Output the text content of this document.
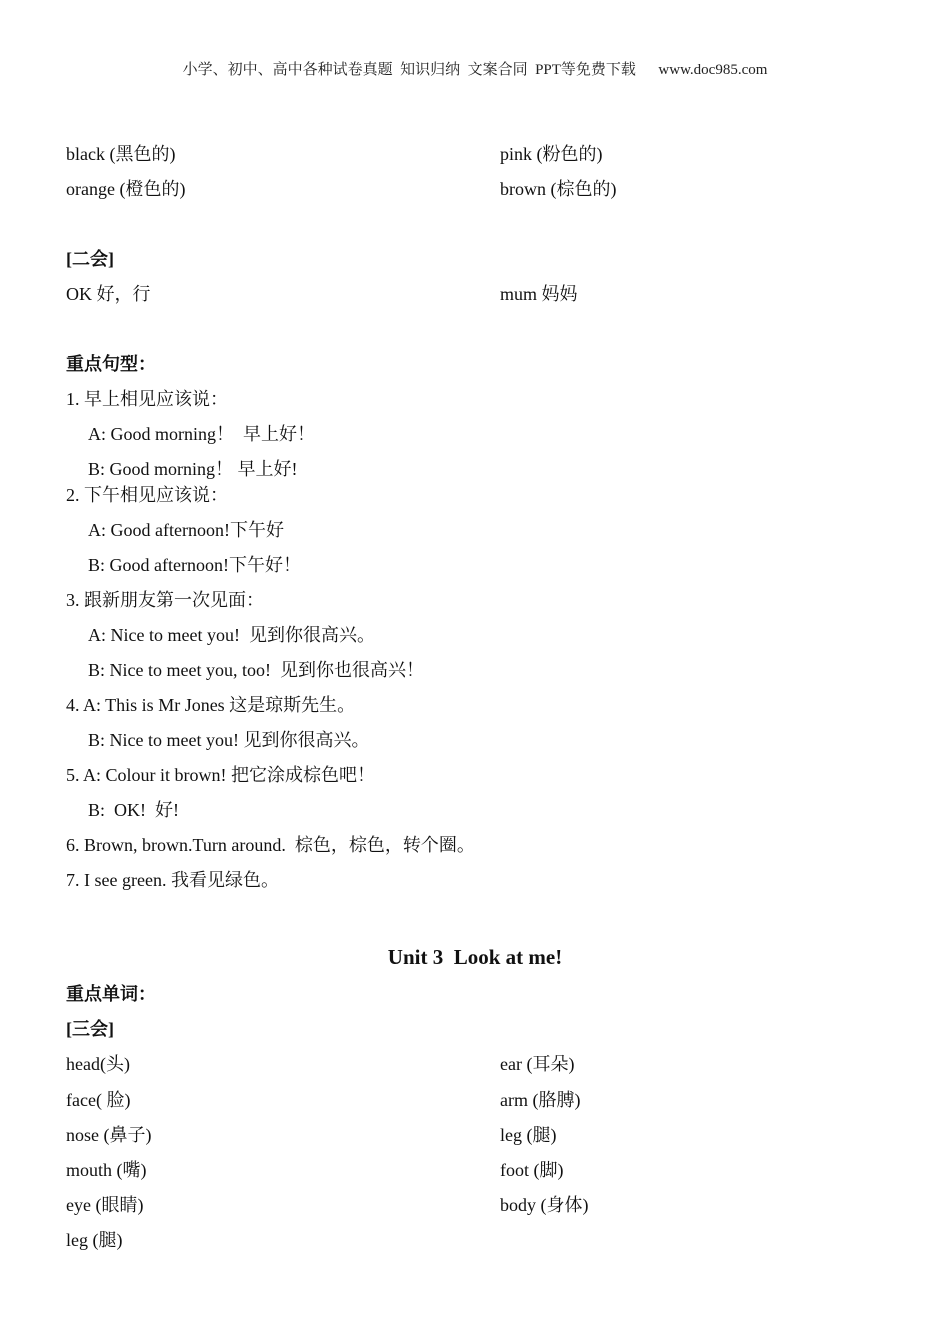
小学、初中、高中各种试卷真题  知识归纳  文案合同  PPT等免费下载      www.doc985.com
black (黑色的)	pink (粉色的)
orange (橙色的)	brown (棕色的)
[二会]
OK 好，行	mum 妈妈
重点句型：
1. 早上相见应该说：
A: Good morning！  早上好！
B: Good morning！ 早上好!
2. 下午相见应该说：
A: Good afternoon!下午好
B: Good afternoon!下午好！
3. 跟新朋友第一次见面：
A: Nice to meet you!  见到你很高兴。
B: Nice to meet you, too!  见到你也很高兴！
4. A: This is Mr Jones 这是琼斯先生。
B: Nice to meet you! 见到你很高兴。
5. A: Colour it brown! 把它涂成棕色吧！
B:  OK!  好!
6. Brown, brown.Turn around.  棕色，棕色，转个圈。
7. I see green. 我看见绿色。
Unit 3  Look at me!
重点单词：
[三会]
head(头)	ear (耳朵)
face( 脸)	arm (胳膊)
nose (鼻子)	leg (腿)
mouth (嘴)	foot (脚)
eye (眼睛)	body (身体)
leg (腿)
